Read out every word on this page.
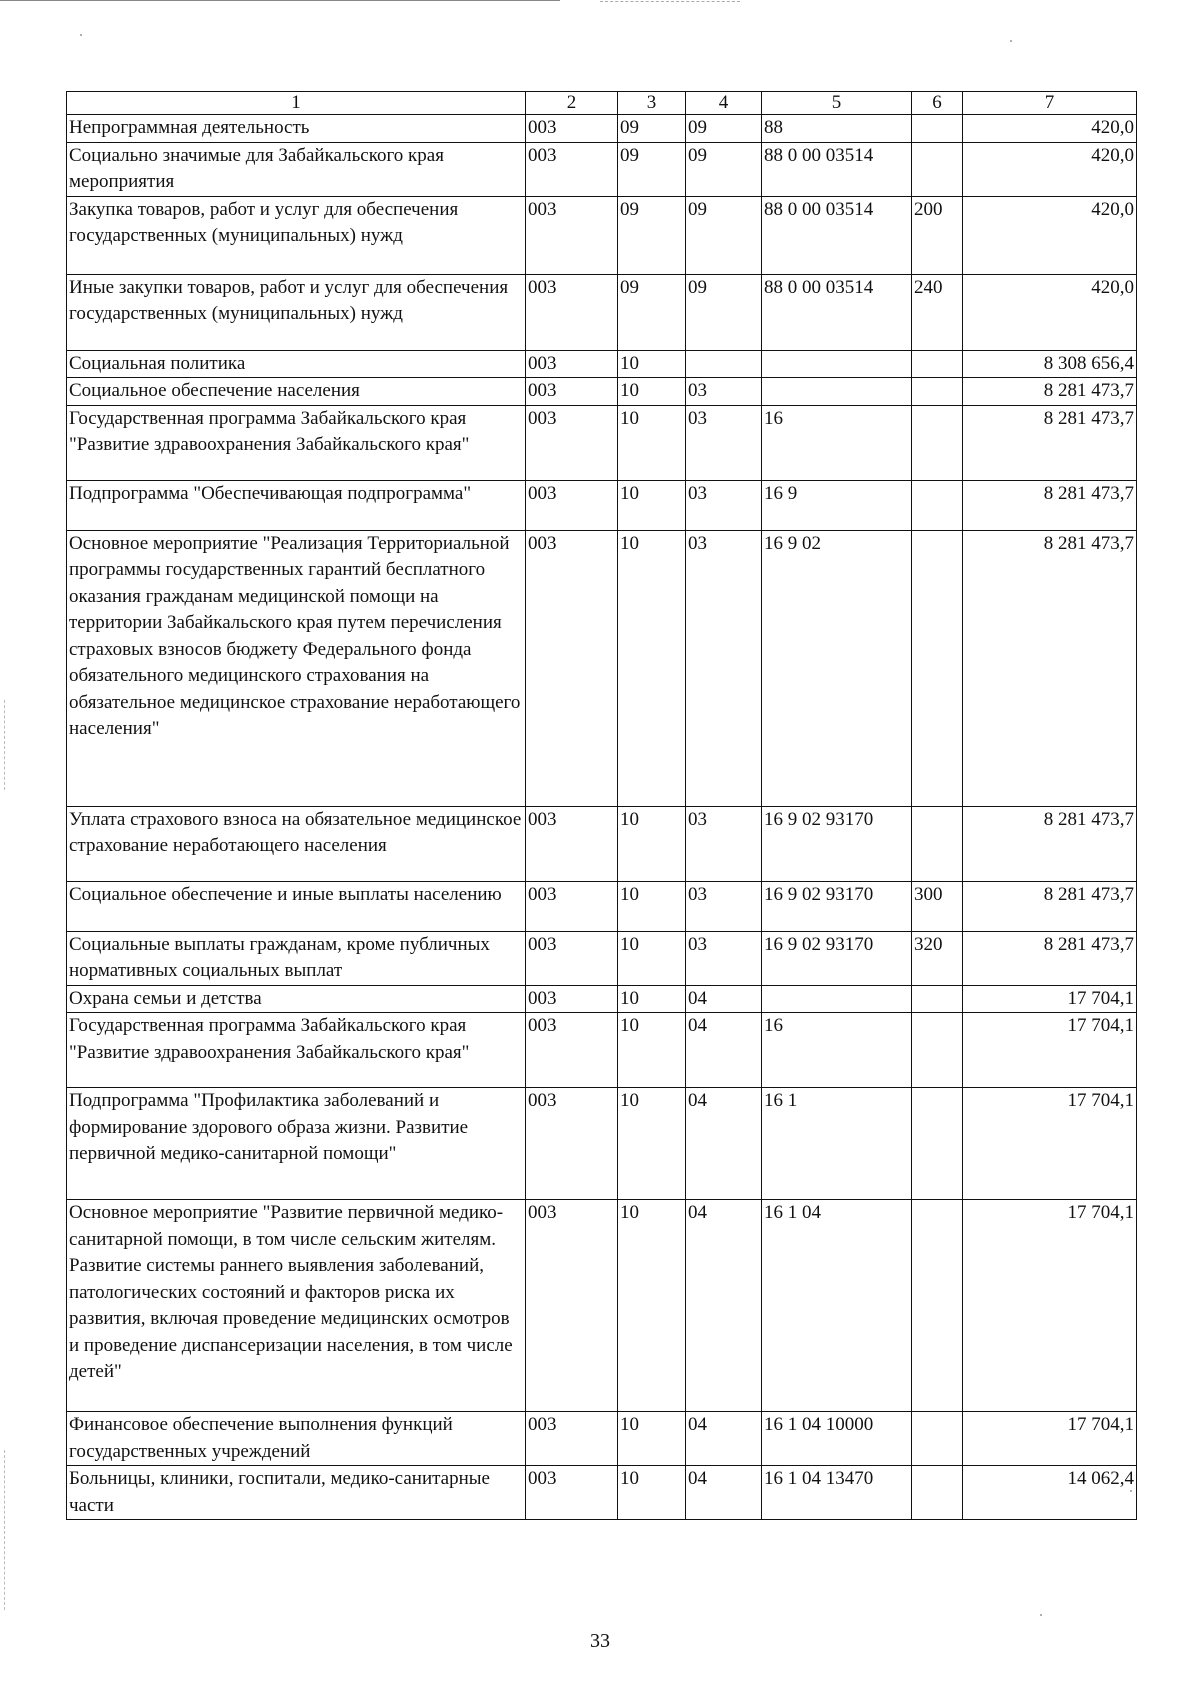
1	2	3	4	5	6	7
Непрограммная деятельность	003	09	09	88		420,0
Социально значимые для Забайкальского края мероприятия	003	09	09	88 0 00 03514		420,0
Закупка товаров, работ и услуг для обеспечения государственных (муниципальных) нужд	003	09	09	88 0 00 03514	200	420,0
Иные закупки товаров, работ и услуг для обеспечения государственных (муниципальных) нужд	003	09	09	88 0 00 03514	240	420,0
Социальная политика	003	10				8 308 656,4
Социальное обеспечение населения	003	10	03			8 281 473,7
Государственная программа Забайкальского края "Развитие здравоохранения Забайкальского края"	003	10	03	16		8 281 473,7
Подпрограмма "Обеспечивающая подпрограмма"	003	10	03	16 9		8 281 473,7
Основное мероприятие "Реализация Территориальной программы государственных гарантий бесплатного оказания гражданам медицинской помощи на территории Забайкальского края путем перечисления страховых взносов бюджету Федерального фонда обязательного медицинского страхования на обязательное медицинское страхование неработающего населения"	003	10	03	16 9 02		8 281 473,7
Уплата страхового взноса на обязательное медицинское страхование неработающего населения	003	10	03	16 9 02 93170		8 281 473,7
Социальное обеспечение и иные выплаты населению	003	10	03	16 9 02 93170	300	8 281 473,7
Социальные выплаты гражданам, кроме публичных нормативных социальных выплат	003	10	03	16 9 02 93170	320	8 281 473,7
Охрана семьи и детства	003	10	04			17 704,1
Государственная программа Забайкальского края "Развитие здравоохранения Забайкальского края"	003	10	04	16		17 704,1
Подпрограмма "Профилактика заболеваний и формирование здорового образа жизни. Развитие первичной медико-санитарной помощи"	003	10	04	16 1		17 704,1
Основное мероприятие "Развитие первичной медико-санитарной помощи, в том числе сельским жителям. Развитие системы раннего выявления заболеваний, патологических состояний и факторов риска их развития, включая проведение медицинских осмотров и проведение диспансеризации населения, в том числе детей"	003	10	04	16 1 04		17 704,1
Финансовое обеспечение выполнения функций государственных учреждений	003	10	04	16 1 04 10000		17 704,1
Больницы, клиники, госпитали, медико-санитарные части	003	10	04	16 1 04 13470		14 062,4
33
